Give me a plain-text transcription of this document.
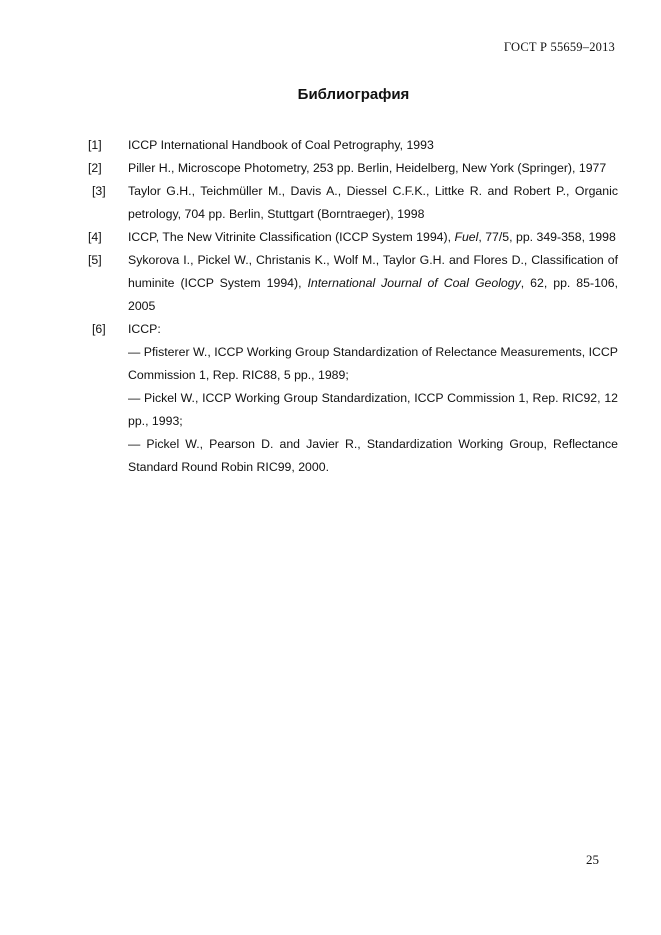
ГОСТ Р 55659–2013
Библиография
[1]	ICCP International Handbook of Coal Petrography, 1993
[2]	Piller H., Microscope Photometry, 253 pp. Berlin, Heidelberg, New York (Springer), 1977
[3]	Taylor G.H., Teichmüller M., Davis A., Diessel C.F.K., Littke R. and Robert P., Organic petrology, 704 pp. Berlin, Stuttgart (Borntraeger), 1998
[4]	ICCP, The New Vitrinite Classification (ICCP System 1994), Fuel, 77/5, pp. 349-358, 1998
[5]	Sykorova I., Pickel W., Christanis K., Wolf M., Taylor G.H. and Flores D., Classification of huminite (ICCP System 1994), International Journal of Coal Geology, 62, pp. 85-106, 2005
[6]	ICCP:
— Pfisterer W., ICCP Working Group Standardization of Relectance Measurements, ICCP Commission 1, Rep. RIC88, 5 pp., 1989;
— Pickel W., ICCP Working Group Standardization, ICCP Commission 1, Rep. RIC92, 12 pp., 1993;
— Pickel W., Pearson D. and Javier R., Standardization Working Group, Reflectance Standard Round Robin RIC99, 2000.
25
